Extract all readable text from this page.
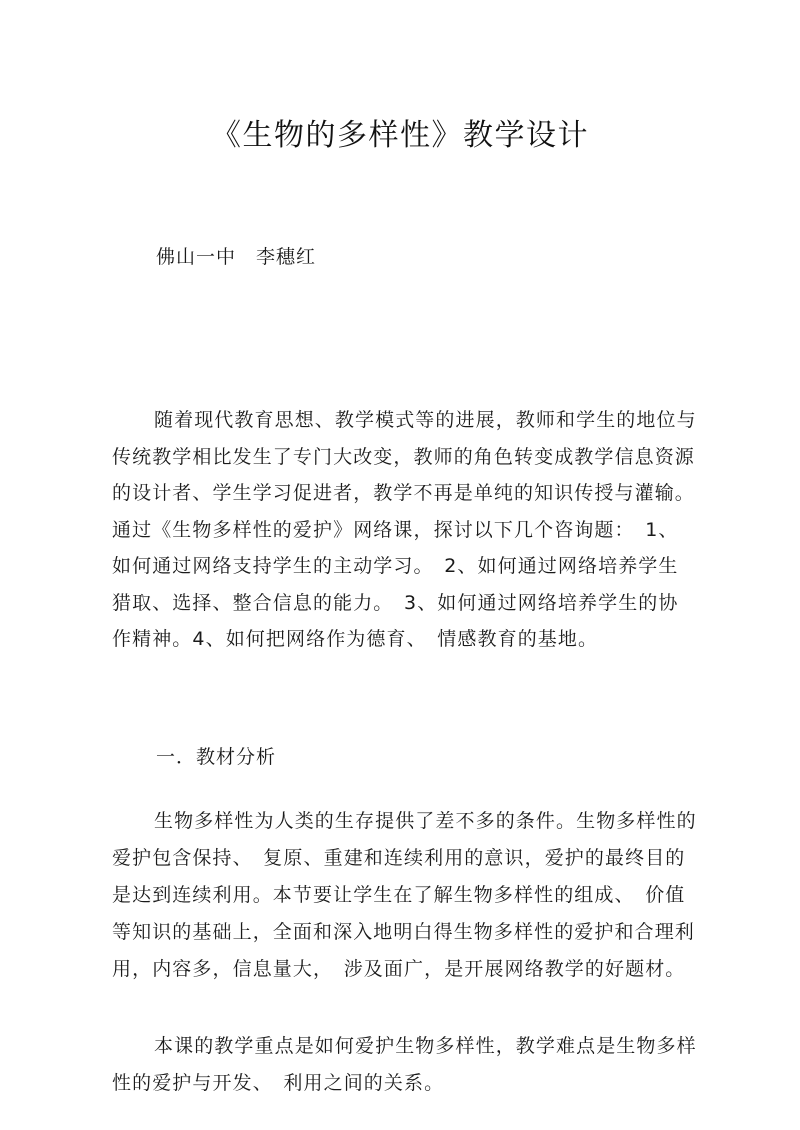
《生物的多样性》教学设计
佛山一中　李穗红

随着现代教育思想、教学模式等的进展，教师和学生的地位与传统教学相比发生了专门大改变，教师的角色转变成教学信息资源的设计者、学生学习促进者，教学不再是单纯的知识传授与灌输。通过《生物多样性的爱护》网络课，探讨以下几个咨询题：　1、如何通过网络支持学生的主动学习。　2、如何通过网络培养学生猎取、选择、整合信息的能力。　3、如何通过网络培养学生的协作精神。4、如何把网络作为德育、　情感教育的基地。

一．教材分析

生物多样性为人类的生存提供了差不多的条件。生物多样性的爱护包含保持、　复原、重建和连续利用的意识，爱护的最终目的是达到连续利用。本节要让学生在了解生物多样性的组成、　价值等知识的基础上，全面和深入地明白得生物多样性的爱护和合理利用，内容多，信息量大，　涉及面广，是开展网络教学的好题材。

本课的教学重点是如何爱护生物多样性，教学难点是生物多样性的爱护与开发、　利用之间的关系。
